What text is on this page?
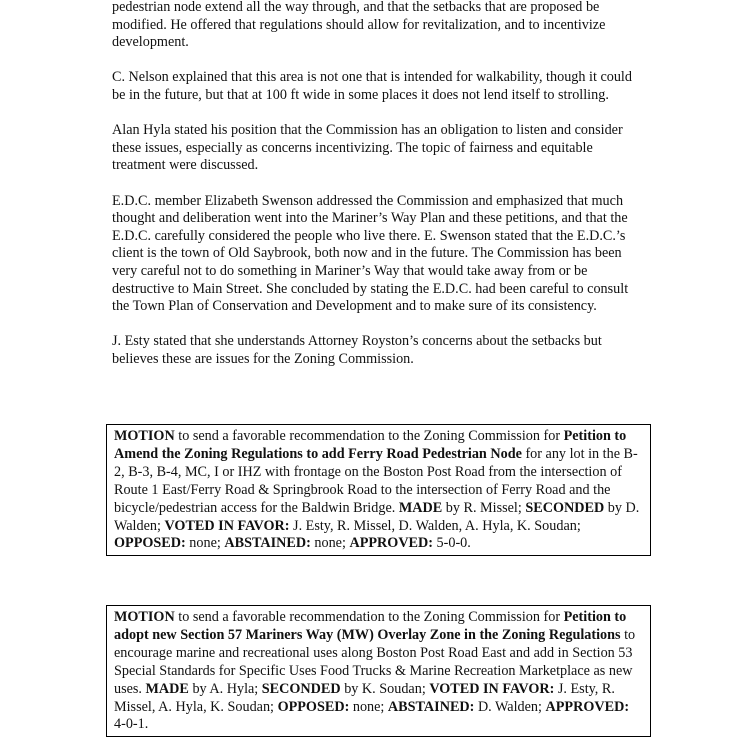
pedestrian node extend all the way through, and that the setbacks that are proposed be modified. He offered that regulations should allow for revitalization, and to incentivize development.

C. Nelson explained that this area is not one that is intended for walkability, though it could be in the future, but that at 100 ft wide in some places it does not lend itself to strolling.

Alan Hyla stated his position that the Commission has an obligation to listen and consider these issues, especially as concerns incentivizing. The topic of fairness and equitable treatment were discussed.

E.D.C. member Elizabeth Swenson addressed the Commission and emphasized that much thought and deliberation went into the Mariner’s Way Plan and these petitions, and that the E.D.C. carefully considered the people who live there. E. Swenson stated that the E.D.C.’s client is the town of Old Saybrook, both now and in the future. The Commission has been very careful not to do something in Mariner’s Way that would take away from or be destructive to Main Street. She concluded by stating the E.D.C. had been careful to consult the Town Plan of Conservation and Development and to make sure of its consistency.

J. Esty stated that she understands Attorney Royston’s concerns about the setbacks but believes these are issues for the Zoning Commission.

MOTION to send a favorable recommendation to the Zoning Commission for Petition to Amend the Zoning Regulations to add Ferry Road Pedestrian Node for any lot in the B-2, B-3, B-4, MC, I or IHZ with frontage on the Boston Post Road from the intersection of Route 1 East/Ferry Road & Springbrook Road to the intersection of Ferry Road and the bicycle/pedestrian access for the Baldwin Bridge. MADE by R. Missel; SECONDED by D. Walden; VOTED IN FAVOR: J. Esty, R. Missel, D. Walden, A. Hyla, K. Soudan; OPPOSED: none; ABSTAINED: none; APPROVED: 5-0-0.

MOTION to send a favorable recommendation to the Zoning Commission for Petition to adopt new Section 57 Mariners Way (MW) Overlay Zone in the Zoning Regulations to encourage marine and recreational uses along Boston Post Road East and add in Section 53 Special Standards for Specific Uses Food Trucks & Marine Recreation Marketplace as new uses. MADE by A. Hyla; SECONDED by K. Soudan; VOTED IN FAVOR: J. Esty, R. Missel, A. Hyla, K. Soudan; OPPOSED: none; ABSTAINED: D. Walden; APPROVED: 4-0-1.
